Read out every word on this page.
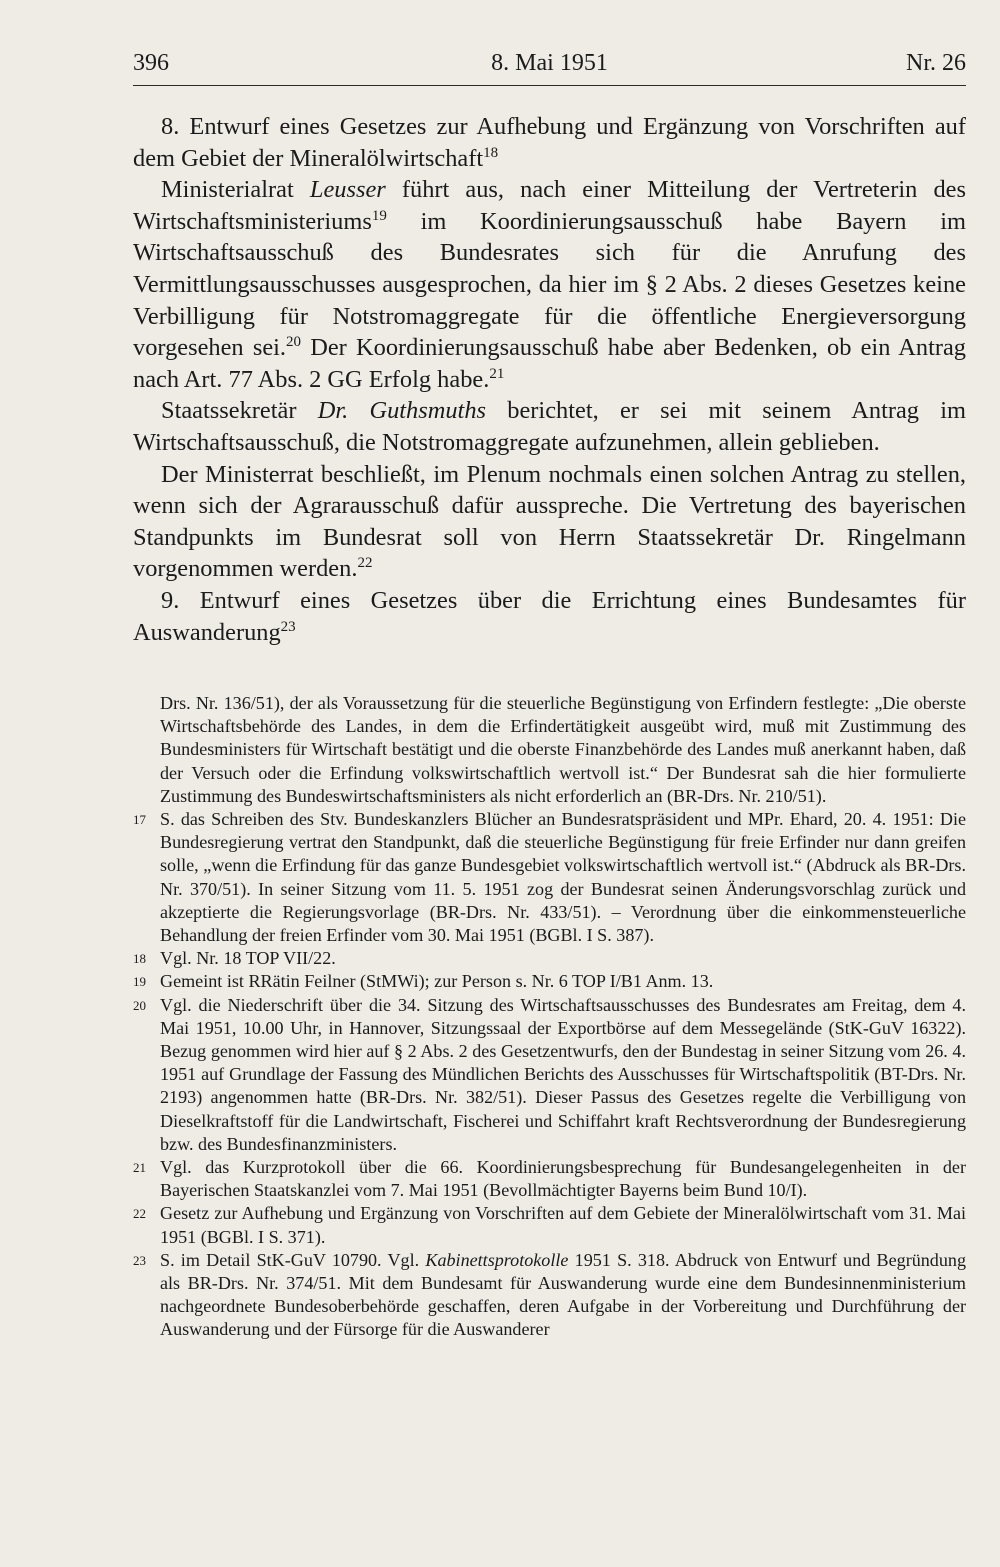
396	8. Mai 1951	Nr. 26

8. Entwurf eines Gesetzes zur Aufhebung und Ergänzung von Vorschriften auf dem Gebiet der Mineralölwirtschaft$^{18}$

Ministerialrat Leusser führt aus, nach einer Mitteilung der Vertreterin des Wirtschaftsministeriums$^{19}$ im Koordinierungsausschuß habe Bayern im Wirtschaftsausschuß des Bundesrates sich für die Anrufung des Vermittlungsausschusses ausgesprochen, da hier im § 2 Abs. 2 dieses Gesetzes keine Verbilligung für Notstromaggregate für die öffentliche Energieversorgung vorgesehen sei.$^{20}$ Der Koordinierungsausschuß habe aber Bedenken, ob ein Antrag nach Art. 77 Abs. 2 GG Erfolg habe.$^{21}$

Staatssekretär Dr. Guthsmuths berichtet, er sei mit seinem Antrag im Wirtschaftsausschuß, die Notstromaggregate aufzunehmen, allein geblieben.

Der Ministerrat beschließt, im Plenum nochmals einen solchen Antrag zu stellen, wenn sich der Agrarausschuß dafür ausspreche. Die Vertretung des bayerischen Standpunkts im Bundesrat soll von Herrn Staatssekretär Dr. Ringelmann vorgenommen werden.$^{22}$

9. Entwurf eines Gesetzes über die Errichtung eines Bundesamtes für Auswanderung$^{23}$

Drs. Nr. 136/51), der als Voraussetzung für die steuerliche Begünstigung von Erfindern festlegte: „Die oberste Wirtschaftsbehörde des Landes, in dem die Erfindertätigkeit ausgeübt wird, muß mit Zustimmung des Bundesministers für Wirtschaft bestätigt und die oberste Finanzbehörde des Landes muß anerkannt haben, daß der Versuch oder die Erfindung volkswirtschaftlich wertvoll ist.“ Der Bundesrat sah die hier formulierte Zustimmung des Bundeswirtschaftsministers als nicht erforderlich an (BR-Drs. Nr. 210/51).
17 S. das Schreiben des Stv. Bundeskanzlers Blücher an Bundesratspräsident und MPr. Ehard, 20. 4. 1951: Die Bundesregierung vertrat den Standpunkt, daß die steuerliche Begünstigung für freie Erfinder nur dann greifen solle, „wenn die Erfindung für das ganze Bundesgebiet volkswirtschaftlich wertvoll ist.“ (Abdruck als BR-Drs. Nr. 370/51). In seiner Sitzung vom 11. 5. 1951 zog der Bundesrat seinen Änderungsvorschlag zurück und akzeptierte die Regierungsvorlage (BR-Drs. Nr. 433/51). – Verordnung über die einkommensteuerliche Behandlung der freien Erfinder vom 30. Mai 1951 (BGBl. I S. 387).
18 Vgl. Nr. 18 TOP VII/22.
19 Gemeint ist RRätin Feilner (StMWi); zur Person s. Nr. 6 TOP I/B1 Anm. 13.
20 Vgl. die Niederschrift über die 34. Sitzung des Wirtschaftsausschusses des Bundesrates am Freitag, dem 4. Mai 1951, 10.00 Uhr, in Hannover, Sitzungssaal der Exportbörse auf dem Messegelände (StK-GuV 16322). Bezug genommen wird hier auf § 2 Abs. 2 des Gesetzentwurfs, den der Bundestag in seiner Sitzung vom 26. 4. 1951 auf Grundlage der Fassung des Mündlichen Berichts des Ausschusses für Wirtschaftspolitik (BT-Drs. Nr. 2193) angenommen hatte (BR-Drs. Nr. 382/51). Dieser Passus des Gesetzes regelte die Verbilligung von Dieselkraftstoff für die Landwirtschaft, Fischerei und Schiffahrt kraft Rechtsverordnung der Bundesregierung bzw. des Bundesfinanzministers.
21 Vgl. das Kurzprotokoll über die 66. Koordinierungsbesprechung für Bundesangelegenheiten in der Bayerischen Staatskanzlei vom 7. Mai 1951 (Bevollmächtigter Bayerns beim Bund 10/I).
22 Gesetz zur Aufhebung und Ergänzung von Vorschriften auf dem Gebiete der Mineralölwirtschaft vom 31. Mai 1951 (BGBl. I S. 371).
23 S. im Detail StK-GuV 10790. Vgl. Kabinettsprotokolle 1951 S. 318. Abdruck von Entwurf und Begründung als BR-Drs. Nr. 374/51. Mit dem Bundesamt für Auswanderung wurde eine dem Bundesinnenministerium nachgeordnete Bundesoberbehörde geschaffen, deren Aufgabe in der Vorbereitung und Durchführung der Auswanderung und der Fürsorge für die Auswanderer
